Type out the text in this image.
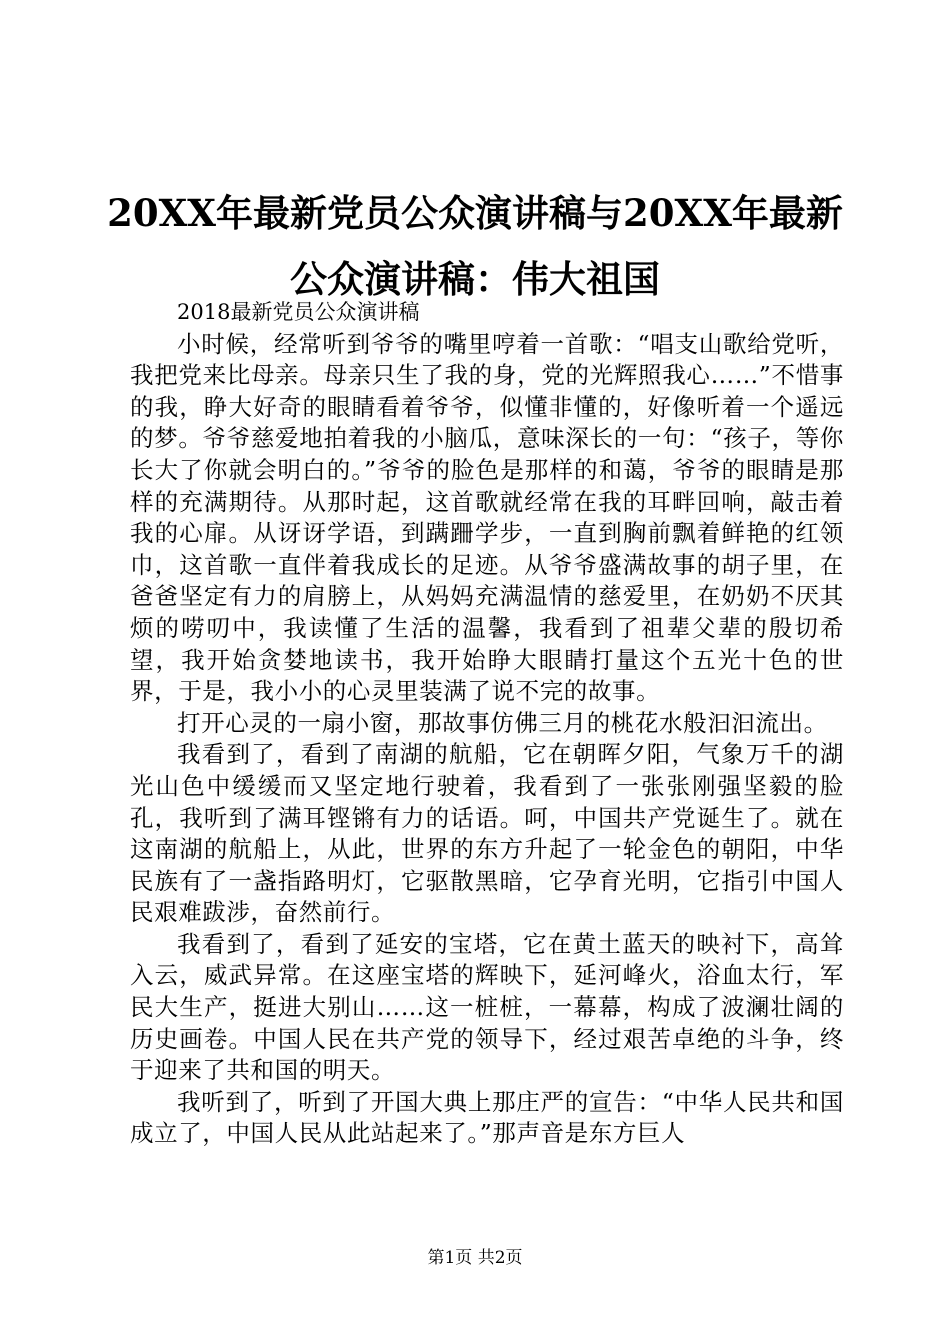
20XX年最新党员公众演讲稿与20XX年最新公众演讲稿：伟大祖国

2018最新党员公众演讲稿

小时候，经常听到爷爷的嘴里哼着一首歌：“唱支山歌给党听，我把党来比母亲。母亲只生了我的身，党的光辉照我心……”不惜事的我，睁大好奇的眼睛看着爷爷，似懂非懂的，好像听着一个遥远的梦。爷爷慈爱地拍着我的小脑瓜，意味深长的一句：“孩子，等你长大了你就会明白的。”爷爷的脸色是那样的和蔼，爷爷的眼睛是那样的充满期待。从那时起，这首歌就经常在我的耳畔回响，敲击着我的心扉。从讶讶学语，到蹒跚学步，一直到胸前飘着鲜艳的红领巾，这首歌一直伴着我成长的足迹。从爷爷盛满故事的胡子里，在爸爸坚定有力的肩膀上，从妈妈充满温情的慈爱里，在奶奶不厌其烦的唠叨中，我读懂了生活的温馨，我看到了祖辈父辈的殷切希望，我开始贪婪地读书，我开始睁大眼睛打量这个五光十色的世界，于是，我小小的心灵里装满了说不完的故事。

打开心灵的一扇小窗，那故事仿佛三月的桃花水般汩汩流出。

我看到了，看到了南湖的航船，它在朝晖夕阳，气象万千的湖光山色中缓缓而又坚定地行驶着，我看到了一张张刚强坚毅的脸孔，我听到了满耳铿锵有力的话语。呵，中国共产党诞生了。就在这南湖的航船上，从此，世界的东方升起了一轮金色的朝阳，中华民族有了一盏指路明灯，它驱散黑暗，它孕育光明，它指引中国人民艰难跋涉，奋然前行。

我看到了，看到了延安的宝塔，它在黄土蓝天的映衬下，高耸入云，威武异常。在这座宝塔的辉映下，延河峰火，浴血太行，军民大生产，挺进大别山……这一桩桩，一幕幕，构成了波澜壮阔的历史画卷。中国人民在共产党的领导下，经过艰苦卓绝的斗争，终于迎来了共和国的明天。

我听到了，听到了开国大典上那庄严的宣告：“中华人民共和国成立了，中国人民从此站起来了。”那声音是东方巨人

第1页 共2页
